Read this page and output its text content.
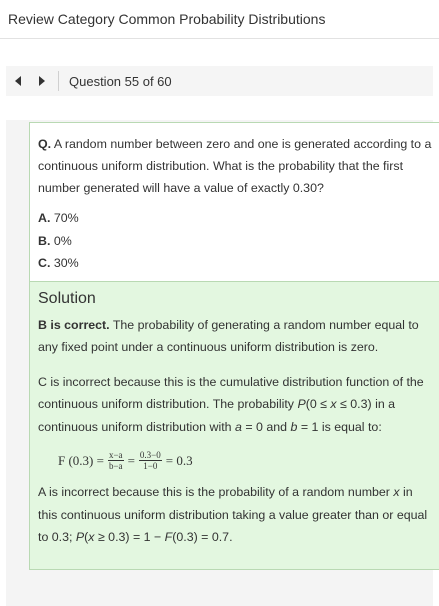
Review Category Common Probability Distributions
Question 55 of 60
Q. A random number between zero and one is generated according to a continuous uniform distribution. What is the probability that the first number generated will have a value of exactly 0.30?
A. 70%
B. 0%
C. 30%
Solution
B is correct. The probability of generating a random number equal to any fixed point under a continuous uniform distribution is zero.
C is incorrect because this is the cumulative distribution function of the continuous uniform distribution. The probability P(0 ≤ x ≤ 0.3) in a continuous uniform distribution with a = 0 and b = 1 is equal to:
F $(0.3) = \frac{x-a}{b-a} = \frac{0.3-0}{1-0} = 0.3$
A is incorrect because this is the probability of a random number x in this continuous uniform distribution taking a value greater than or equal to 0.3; P(x ≥ 0.3) = 1 − F(0.3) = 0.7.
